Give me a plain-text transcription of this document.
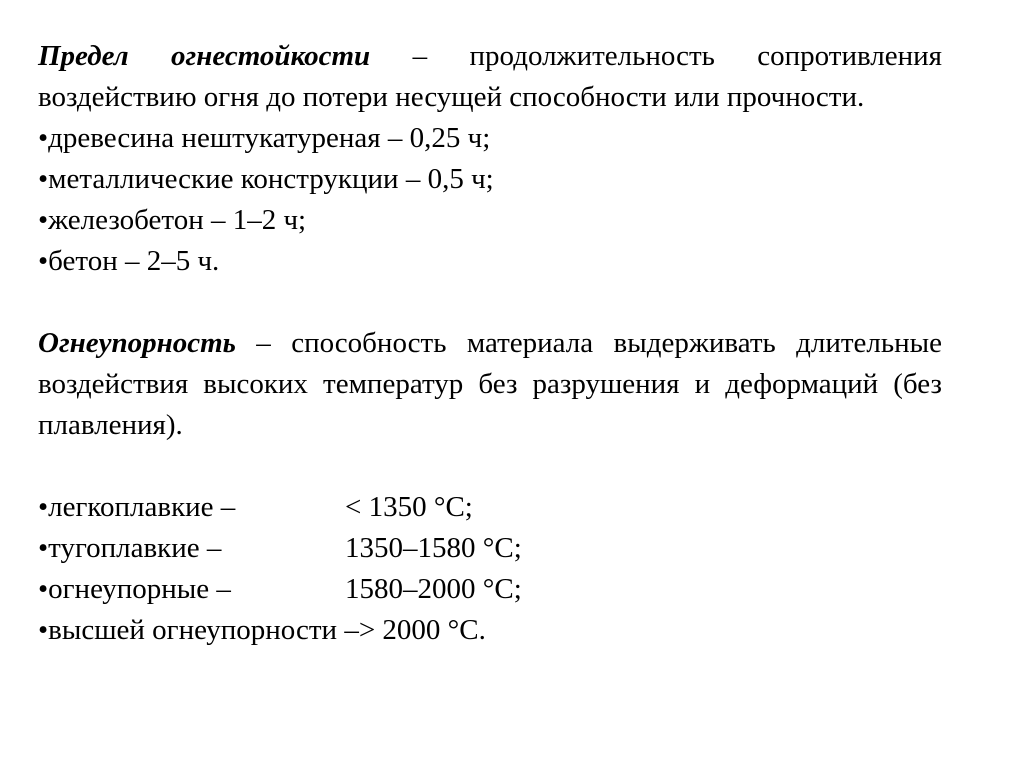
Предел огнестойкости – продолжительность сопротивления воздействию огня до потери несущей способности или прочности.

•древесина нештукатуреная – 0,25 ч;
•металлические конструкции – 0,5 ч;
•железобетон – 1–2 ч;
•бетон – 2–5 ч.

Огнеупорность – способность материала выдерживать длительные воздействия высоких температур без разрушения и деформаций (без плавления).

•легкоплавкие –	< 1350 °С;
•тугоплавкие –	1350–1580 °С;
•огнеупорные –	1580–2000 °С;
•высшей огнеупорности – > 2000 °С.
